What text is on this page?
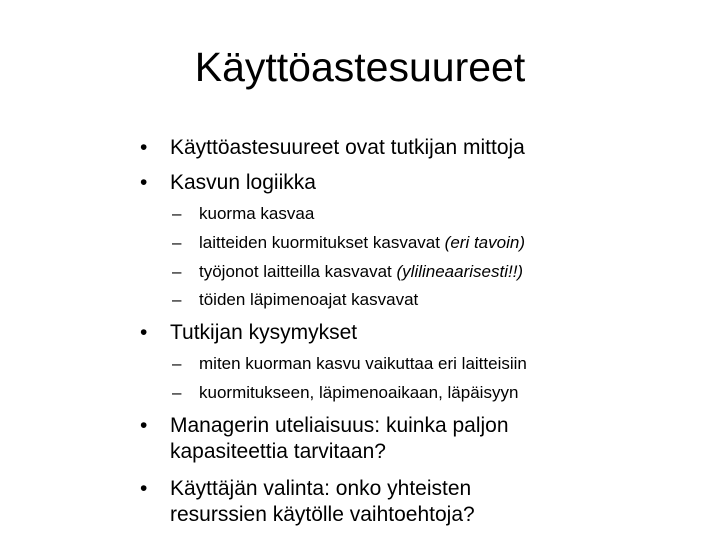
Käyttöastesuureet
• Käyttöastesuureet ovat tutkijan mittoja
• Kasvun logiikka
– kuorma kasvaa
– laitteiden kuormitukset kasvavat (eri tavoin)
– työjonot laitteilla kasvavat (ylilineaarisesti!!)
– töiden läpimenoajat kasvavat
• Tutkijan kysymykset
– miten kuorman kasvu vaikuttaa eri laitteisiin
– kuormitukseen, läpimenoaikaan, läpäisyyn
• Managerin uteliaisuus: kuinka paljon
kapasiteettia tarvitaan?
• Käyttäjän valinta: onko yhteisten
resurssien käytölle vaihtoehtoja?
